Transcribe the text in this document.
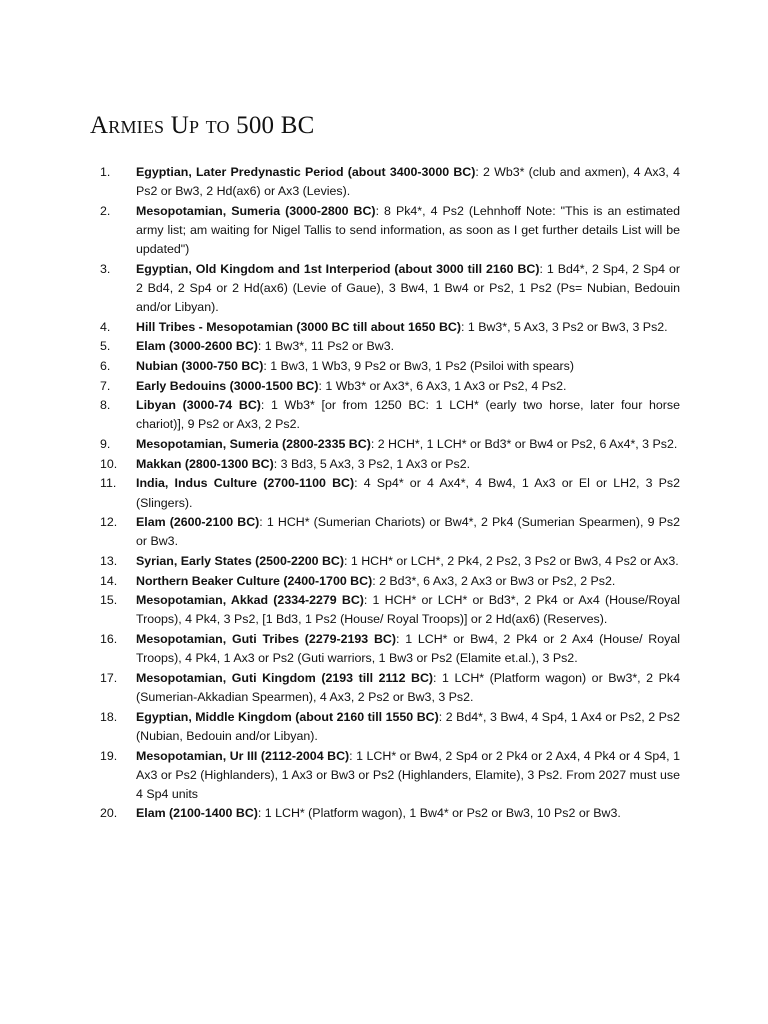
Armies Up to 500 BC
1.	Egyptian, Later Predynastic Period (about 3400-3000 BC): 2 Wb3* (club and axmen), 4 Ax3, 4 Ps2 or Bw3, 2 Hd(ax6) or Ax3 (Levies).
2.	Mesopotamian, Sumeria (3000-2800 BC): 8 Pk4*, 4 Ps2 (Lehnhoff Note: "This is an estimated army list; am waiting for Nigel Tallis to send information, as soon as I get further details List will be updated")
3.	Egyptian, Old Kingdom and 1st Interperiod (about 3000 till 2160 BC): 1 Bd4*, 2 Sp4, 2 Sp4 or 2 Bd4, 2 Sp4 or 2 Hd(ax6) (Levie of Gaue), 3 Bw4, 1 Bw4 or Ps2, 1 Ps2 (Ps= Nubian, Bedouin and/or Libyan).
4.	Hill Tribes - Mesopotamian (3000 BC till about 1650 BC): 1 Bw3*, 5 Ax3, 3 Ps2 or Bw3, 3 Ps2.
5.	Elam (3000-2600 BC): 1 Bw3*, 11 Ps2 or Bw3.
6.	Nubian (3000-750 BC): 1 Bw3, 1 Wb3, 9 Ps2 or Bw3, 1 Ps2 (Psiloi with spears)
7.	Early Bedouins (3000-1500 BC): 1 Wb3* or Ax3*, 6 Ax3, 1 Ax3 or Ps2, 4 Ps2.
8.	Libyan (3000-74 BC): 1 Wb3* [or from 1250 BC: 1 LCH* (early two horse, later four horse chariot)], 9 Ps2 or Ax3, 2 Ps2.
9.	Mesopotamian, Sumeria (2800-2335 BC): 2 HCH*, 1 LCH* or Bd3* or Bw4 or Ps2, 6 Ax4*, 3 Ps2.
10.	Makkan (2800-1300 BC): 3 Bd3, 5 Ax3, 3 Ps2, 1 Ax3 or Ps2.
11.	India, Indus Culture (2700-1100 BC): 4 Sp4* or 4 Ax4*, 4 Bw4, 1 Ax3 or El or LH2, 3 Ps2 (Slingers).
12.	Elam (2600-2100 BC): 1 HCH* (Sumerian Chariots) or Bw4*, 2 Pk4 (Sumerian Spearmen), 9 Ps2 or Bw3.
13.	Syrian, Early States (2500-2200 BC): 1 HCH* or LCH*, 2 Pk4, 2 Ps2, 3 Ps2 or Bw3, 4 Ps2 or Ax3.
14.	Northern Beaker Culture (2400-1700 BC): 2 Bd3*, 6 Ax3, 2 Ax3 or Bw3 or Ps2, 2 Ps2.
15.	Mesopotamian, Akkad (2334-2279 BC): 1 HCH* or LCH* or Bd3*, 2 Pk4 or Ax4 (House/Royal Troops), 4 Pk4, 3 Ps2, [1 Bd3, 1 Ps2 (House/ Royal Troops)] or 2 Hd(ax6) (Reserves).
16.	Mesopotamian, Guti Tribes (2279-2193 BC): 1 LCH* or Bw4, 2 Pk4 or 2 Ax4 (House/ Royal Troops), 4 Pk4, 1 Ax3 or Ps2 (Guti warriors, 1 Bw3 or Ps2 (Elamite et.al.), 3 Ps2.
17.	Mesopotamian, Guti Kingdom (2193 till 2112 BC): 1 LCH* (Platform wagon) or Bw3*, 2 Pk4 (Sumerian-Akkadian Spearmen), 4 Ax3, 2 Ps2 or Bw3, 3 Ps2.
18.	Egyptian, Middle Kingdom (about 2160 till 1550 BC): 2 Bd4*, 3 Bw4, 4 Sp4, 1 Ax4 or Ps2, 2 Ps2 (Nubian, Bedouin and/or Libyan).
19.	Mesopotamian, Ur III (2112-2004 BC): 1 LCH* or Bw4, 2 Sp4 or 2 Pk4 or 2 Ax4, 4 Pk4 or 4 Sp4, 1 Ax3 or Ps2 (Highlanders), 1 Ax3 or Bw3 or Ps2 (Highlanders, Elamite), 3 Ps2. From 2027 must use 4 Sp4 units
20.	Elam (2100-1400 BC): 1 LCH* (Platform wagon), 1 Bw4* or Ps2 or Bw3, 10 Ps2 or Bw3.
